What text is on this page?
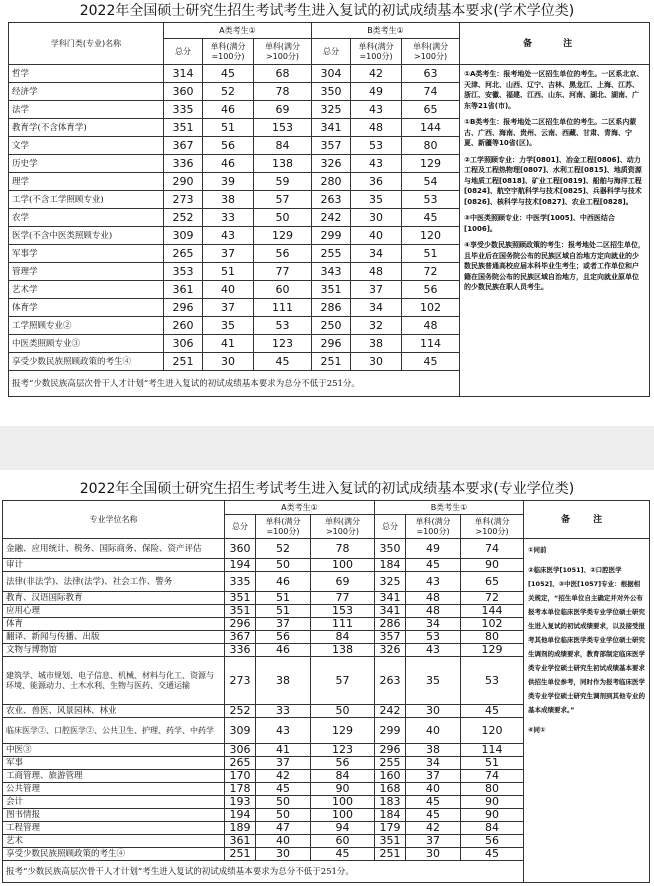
2022年全国硕士研究生招生考试考生进入复试的初试成绩基本要求(学术学位类)
学科门类(专业)名称	A类考生①			B类考生①			备 注
	总分	单科(满分=100分)	单科(满分>100分)	总分	单科(满分=100分)	单科(满分>100分)	
哲学	314	45	68	304	42	63	①A类考生：报考地处一区招生单位的考生。一区系北京、天津、河北、山西、辽宁、吉林、黑龙江、上海、江苏、浙江、安徽、福建、江西、山东、河南、湖北、湖南、广东等21省(市)。

①B类考生：报考地处二区招生单位的考生。二区系内蒙古、广西、海南、贵州、云南、西藏、甘肃、青海、宁夏、新疆等10省(区)。

②工学照顾专业：力学[0801]、冶金工程[0806]、动力工程及工程热物理[0807]、水利工程[0815]、地质资源与地质工程[0818]、矿业工程[0819]、船舶与海洋工程[0824]、航空宇航科学与技术[0825]、兵器科学与技术[0826]、核科学与技术[0827]、农业工程[0828]。

③中医类照顾专业：中医学[1005]、中西医结合[1006]。

④享受少数民族照顾政策的考生：报考地处二区招生单位，且毕业后在国务院公布的民族区域自治地方定向就业的少数民族普通高校应届本科毕业生考生；或者工作单位和户籍在国务院公布的民族区域自治地方，且定向就业原单位的少数民族在职人员考生。

经济学	360	52	78	350	49	74	
法学	335	46	69	325	43	65	
教育学(不含体育学)	351	51	153	341	48	144	
文学	367	56	84	357	53	80	
历史学	336	46	138	326	43	129	
理学	290	39	59	280	36	54	
工学(不含工学照顾专业)	273	38	57	263	35	53	
农学	252	33	50	242	30	45	
医学(不含中医类照顾专业)	309	43	129	299	40	120	
军事学	265	37	56	255	34	51	
管理学	353	51	77	343	48	72	
艺术学	361	40	60	351	37	56	
体育学	296	37	111	286	34	102	
工学照顾专业②	260	35	53	250	32	48	
中医类照顾专业③	306	41	123	296	38	114	
享受少数民族照顾政策的考生④	251	30	45	251	30	45	
报考“少数民族高层次骨干人才计划”考生进入复试的初试成绩基本要求为总分不低于251分。							
2022年全国硕士研究生招生考试考生进入复试的初试成绩基本要求(专业学位类)
专业学位名称	A类考生①			B类考生①			备 注
	总分	单科(满分=100分)	单科(满分>100分)	总分	单科(满分=100分)	单科(满分>100分)	
金融、应用统计、税务、国际商务、保险、资产评估	360	52	78	350	49	74	①同前

②临床医学[1051]、②口腔医学[1052]、③中医[1057]专业：根据相关规定，“招生单位自主确定并对外公布报考本单位临床医学类专业学位硕士研究生进入复试的初试成绩要求，以及接受报考其他单位临床医学类专业学位硕士研究生调剂的成绩要求，教育部制定临床医学类专业学位硕士研究生初试成绩基本要求供招生单位参考，同时作为报考临床医学类专业学位硕士研究生调剂到其他专业的基本成绩要求。”

④同①

审计	194	50	100	184	45	90	
法律(非法学)、法律(法学)、社会工作、警务	335	46	69	325	43	65	
教育、汉语国际教育	351	51	77	341	48	72	
应用心理	351	51	153	341	48	144	
体育	296	37	111	286	34	102	
翻译、新闻与传播、出版	367	56	84	357	53	80	
文物与博物馆	336	46	138	326	43	129	
建筑学、城市规划、电子信息、机械、材料与化工、资源与环境、能源动力、土木水利、生物与医药、交通运输	273	38	57	263	35	53	
农业、兽医、风景园林、林业	252	33	50	242	30	45	
临床医学②、口腔医学②、公共卫生、护理、药学、中药学	309	43	129	299	40	120	
中医③	306	41	123	296	38	114	
军事	265	37	56	255	34	51	
工商管理、旅游管理	170	42	84	160	37	74	
公共管理	178	45	90	168	40	80	
会计	193	50	100	183	45	90	
图书情报	194	50	100	184	45	90	
工程管理	189	47	94	179	42	84	
艺术	361	40	60	351	37	56	
享受少数民族照顾政策的考生④	251	30	45	251	30	45	
报考“少数民族高层次骨干人才计划”考生进入复试的初试成绩基本要求为总分不低于251分。							
